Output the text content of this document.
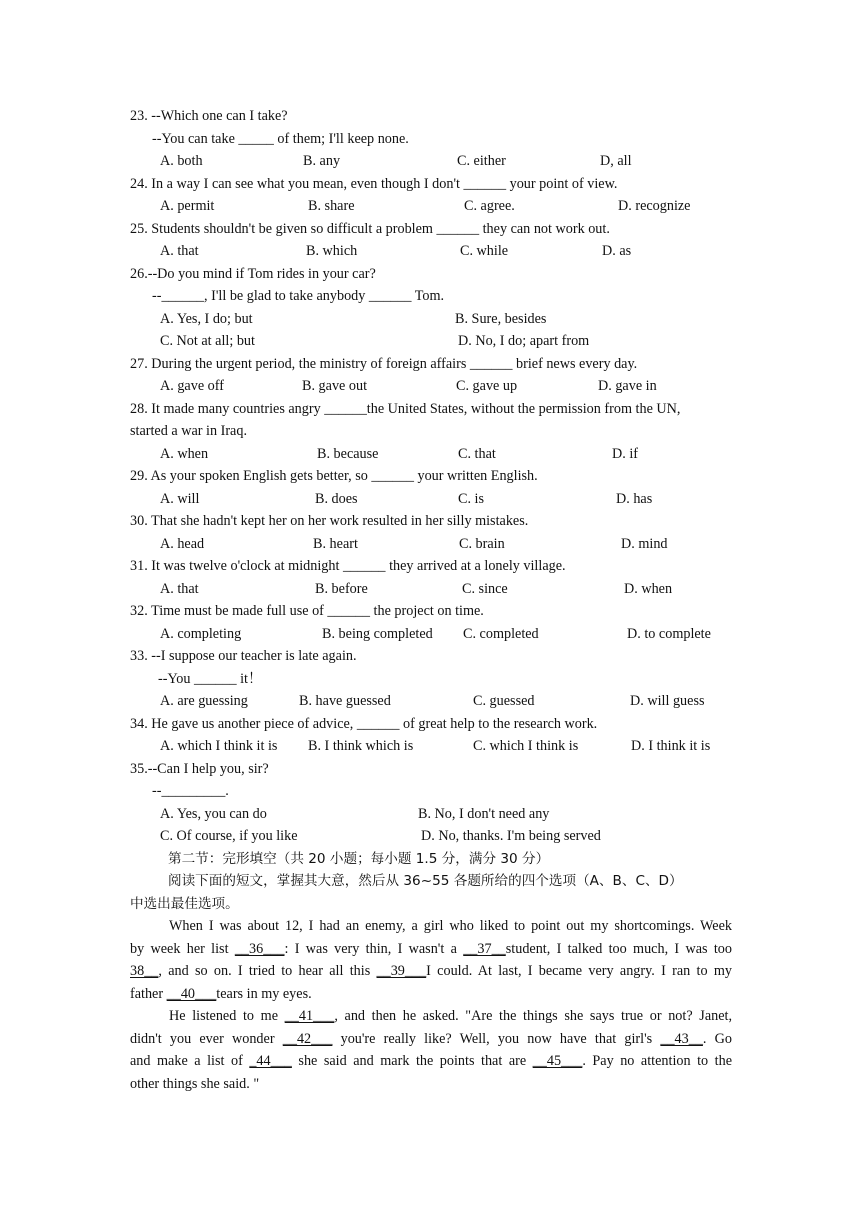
23. --Which one can I take?
--You can take _____ of them; I'll keep none.
A. both	B. any	C. either	D, all
24. In a way I can see what you mean, even though I don't ______ your point of view.
A. permit	B. share	C. agree.	D. recognize
25. Students shouldn't be given so difficult a problem ______ they can not work out.
A. that	B. which	C. while	D. as
26.--Do you mind if Tom rides in your car?
--______, I'll be glad to take anybody ______ Tom.
A. Yes, I do; but	B. Sure, besides
C. Not at all; but	D. No, I do; apart from
27. During the urgent period, the ministry of foreign affairs ______ brief news every day.
A. gave off	B. gave out	C. gave up	D. gave in
28. It made many countries angry ______the United States, without the permission from the UN,
started a war in Iraq.
A. when	B. because	C. that	D. if
29. As your spoken English gets better, so ______ your written English.
A. will	B. does	C. is	D. has
30. That she hadn't kept her on her work resulted in her silly mistakes.
A. head	B. heart	C. brain	D. mind
31. It was twelve o'clock at midnight ______ they arrived at a lonely village.
A. that	B. before	C. since	D. when
32. Time must be made full use of ______ the project on time.
A. completing	B. being completed C. completed	D. to complete
33. --I suppose our teacher is late again.
--You ______ it！
A. are guessing	B. have guessed	C. guessed	D. will guess
34. He gave us another piece of advice, ______ of great help to the research work.
A. which I think it is B. I think which is	C. which I think is	D. I think it is
35.--Can I help you, sir?
--_________.
A. Yes, you can do	B. No, I don't need any
C. Of course, if you like	D. No, thanks. I'm being served
第二节：完形填空（共 20 小题；每小题 1.5 分，满分 30 分）
阅读下面的短文，掌握其大意，然后从 36~55 各题所给的四个选项（A、B、C、D）
中选出最佳选项。
When I was about 12, I had an enemy, a girl who liked to point out my shortcomings. Week
by week her list __36___: I was very thin, I wasn't a __37__student, I talked too much, I was too
38__, and so on. I tried to hear all this __39___I could. At last, I became very angry. I ran to my
father __40___tears in my eyes.
He listened to me __41___, and then he asked. "Are the things she says true or not? Janet,
didn't you ever wonder __42___ you're really like? Well, you now have that girl's __43__. Go
and make a list of _44___ she said and mark the points that are __45___. Pay no attention to the
other things she said. "
